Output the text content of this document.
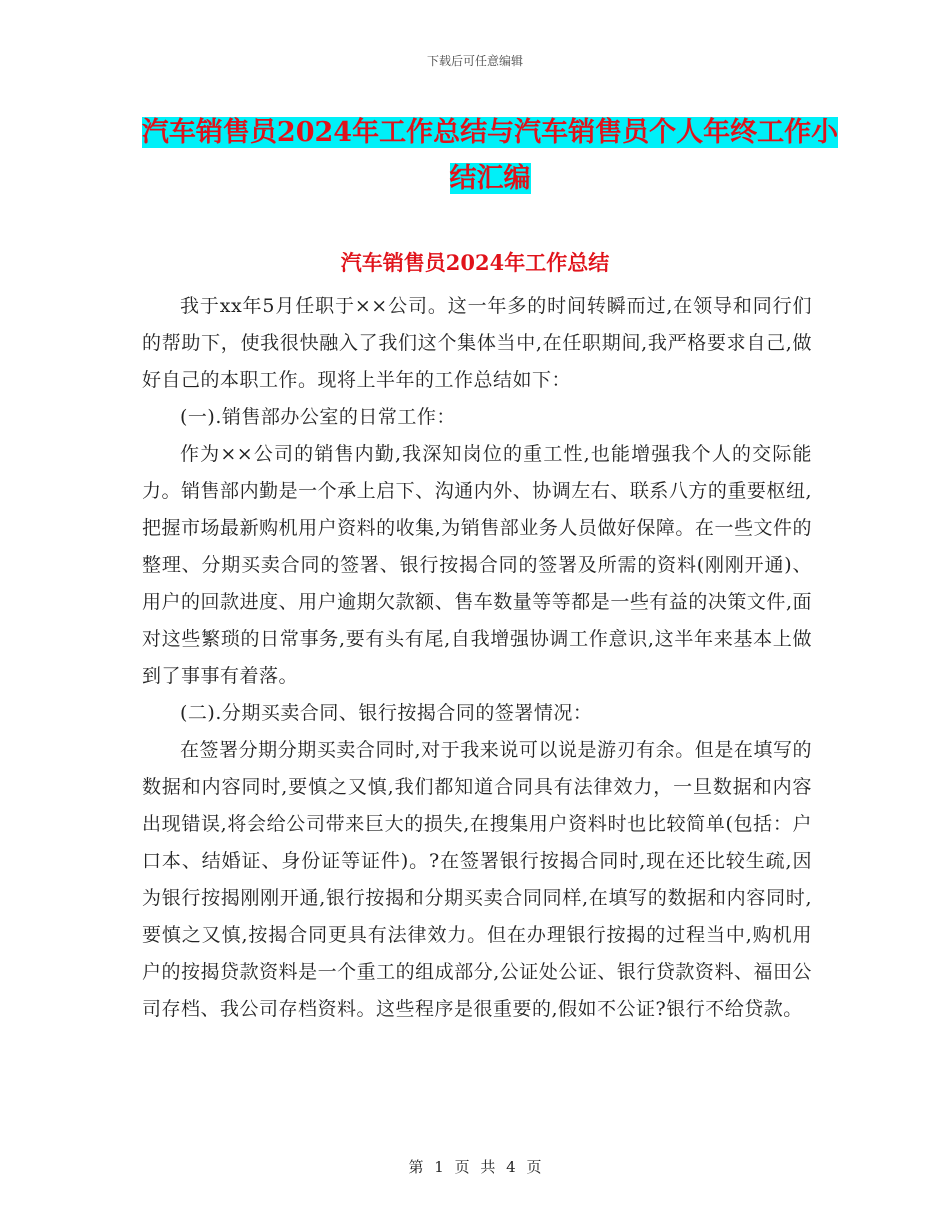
下载后可任意编辑
汽车销售员2024年工作总结与汽车销售员个人年终工作小结汇编
汽车销售员2024年工作总结

我于xx年5月任职于××公司。这一年多的时间转瞬而过,在领导和同行们的帮助下，使我很快融入了我们这个集体当中,在任职期间,我严格要求自己,做好自己的本职工作。现将上半年的工作总结如下：

(一).销售部办公室的日常工作：

作为××公司的销售内勤,我深知岗位的重工性,也能增强我个人的交际能力。销售部内勤是一个承上启下、沟通内外、协调左右、联系八方的重要枢纽,把握市场最新购机用户资料的收集,为销售部业务人员做好保障。在一些文件的整理、分期买卖合同的签署、银行按揭合同的签署及所需的资料(刚刚开通)、用户的回款进度、用户逾期欠款额、售车数量等等都是一些有益的决策文件,面对这些繁琐的日常事务,要有头有尾,自我增强协调工作意识,这半年来基本上做到了事事有着落。

(二).分期买卖合同、银行按揭合同的签署情况：

在签署分期分期买卖合同时,对于我来说可以说是游刃有余。但是在填写的数据和内容同时,要慎之又慎,我们都知道合同具有法律效力，一旦数据和内容出现错误,将会给公司带来巨大的损失,在搜集用户资料时也比较简单(包括：户口本、结婚证、身份证等证件)。?在签署银行按揭合同时,现在还比较生疏,因为银行按揭刚刚开通,银行按揭和分期买卖合同同样,在填写的数据和内容同时,要慎之又慎,按揭合同更具有法律效力。但在办理银行按揭的过程当中,购机用户的按揭贷款资料是一个重工的组成部分,公证处公证、银行贷款资料、福田公司存档、我公司存档资料。这些程序是很重要的,假如不公证?银行不给贷款。

第 1 页 共 4 页
